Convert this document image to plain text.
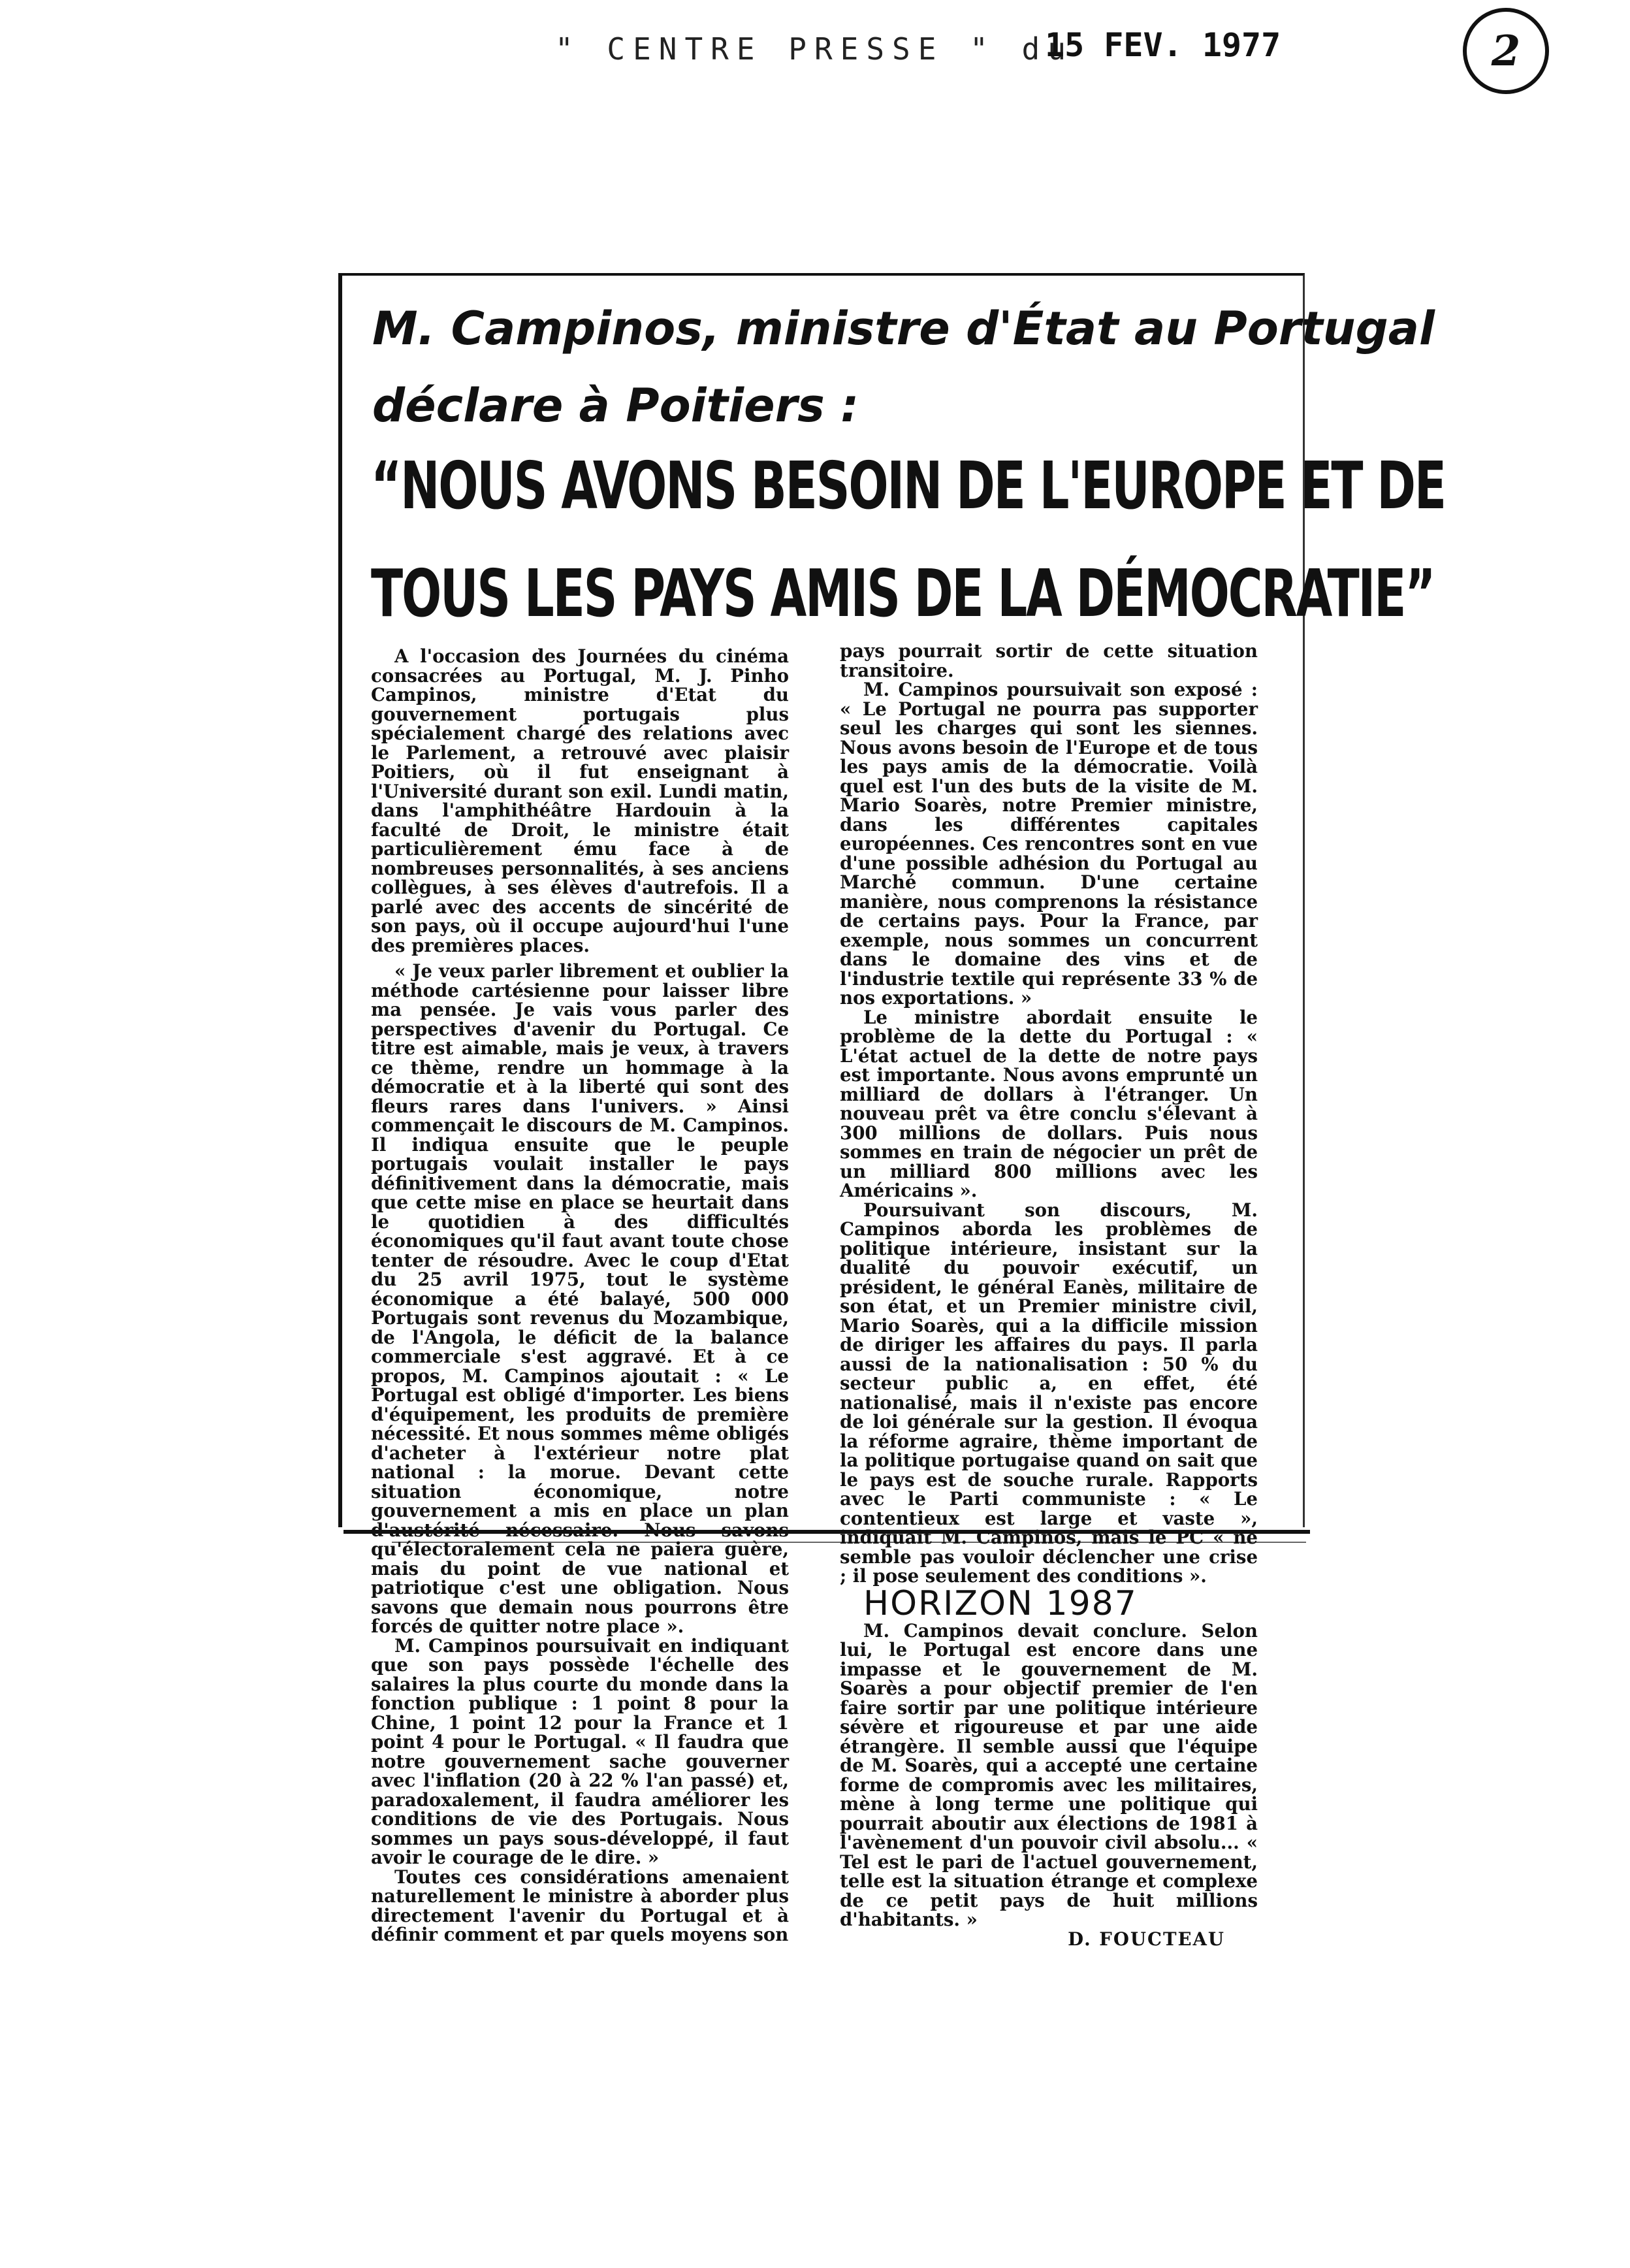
" CENTRE PRESSE " du
15 FEV. 1977	2
M. Campinos, ministre d'État au Portugal
déclare à Poitiers :
“NOUS AVONS BESOIN DE L'EUROPE ET DE
TOUS LES PAYS AMIS DE LA DÉMOCRATIE”

A l'occasion des Journées du cinéma consacrées au Portugal, M. J. Pinho Campinos, ministre d'Etat du gouvernement portugais plus spécialement chargé des relations avec le Parlement, a retrouvé avec plaisir Poitiers, où il fut enseignant à l'Université durant son exil. Lundi matin, dans l'amphithéâtre Hardouin à la faculté de Droit, le ministre était particulièrement ému face à de nombreuses personnalités, à ses anciens collègues, à ses élèves d'autrefois. Il a parlé avec des accents de sincérité de son pays, où il occupe aujourd'hui l'une des premières places.

« Je veux parler librement et oublier la méthode cartésienne pour laisser libre ma pensée. Je vais vous parler des perspectives d'avenir du Portugal. Ce titre est aimable, mais je veux, à travers ce thème, rendre un hommage à la démocratie et à la liberté qui sont des fleurs rares dans l'univers. » Ainsi commençait le discours de M. Campinos. Il indiqua ensuite que le peuple portugais voulait installer le pays définitivement dans la démocratie, mais que cette mise en place se heurtait dans le quotidien à des difficultés économiques qu'il faut avant toute chose tenter de résoudre. Avec le coup d'Etat du 25 avril 1975, tout le système économique a été balayé, 500 000 Portugais sont revenus du Mozambique, de l'Angola, le déficit de la balance commerciale s'est aggravé. Et à ce propos, M. Campinos ajoutait : « Le Portugal est obligé d'importer. Les biens d'équipement, les produits de première nécessité. Et nous sommes même obligés d'acheter à l'extérieur notre plat national : la morue. Devant cette situation économique, notre gouvernement a mis en place un plan d'austérité nécessaire. Nous savons qu'électoralement cela ne paiera guère, mais du point de vue national et patriotique c'est une obligation. Nous savons que demain nous pourrons être forcés de quitter notre place ».

M. Campinos poursuivait en indiquant que son pays possède l'échelle des salaires la plus courte du monde dans la fonction publique : 1 point 8 pour la Chine, 1 point 12 pour la France et 1 point 4 pour le Portugal. « Il faudra que notre gouvernement sache gouverner avec l'inflation (20 à 22 % l'an passé) et, paradoxalement, il faudra améliorer les conditions de vie des Portugais. Nous sommes un pays sous-développé, il faut avoir le courage de le dire. »

Toutes ces considérations amenaient naturellement le ministre à aborder plus directement l'avenir du Portugal et à définir comment et par quels moyens son

pays pourrait sortir de cette situation transitoire.

M. Campinos poursuivait son exposé : « Le Portugal ne pourra pas supporter seul les charges qui sont les siennes. Nous avons besoin de l'Europe et de tous les pays amis de la démocratie. Voilà quel est l'un des buts de la visite de M. Mario Soarès, notre Premier ministre, dans les différentes capitales européennes. Ces rencontres sont en vue d'une possible adhésion du Portugal au Marché commun. D'une certaine manière, nous comprenons la résistance de certains pays. Pour la France, par exemple, nous sommes un concurrent dans le domaine des vins et de l'industrie textile qui représente 33 % de nos exportations. »

Le ministre abordait ensuite le problème de la dette du Portugal : « L'état actuel de la dette de notre pays est importante. Nous avons emprunté un milliard de dollars à l'étranger. Un nouveau prêt va être conclu s'élevant à 300 millions de dollars. Puis nous sommes en train de négocier un prêt de un milliard 800 millions avec les Américains ».

Poursuivant son discours, M. Campinos aborda les problèmes de politique intérieure, insistant sur la dualité du pouvoir exécutif, un président, le général Eanès, militaire de son état, et un Premier ministre civil, Mario Soarès, qui a la difficile mission de diriger les affaires du pays. Il parla aussi de la nationalisation : 50 % du secteur public a, en effet, été nationalisé, mais il n'existe pas encore de loi générale sur la gestion. Il évoqua la réforme agraire, thème important de la politique portugaise quand on sait que le pays est de souche rurale. Rapports avec le Parti communiste : « Le contentieux est large et vaste », indiquait M. Campinos, mais le PC « ne semble pas vouloir déclencher une crise ; il pose seulement des conditions ».

HORIZON 1987

M. Campinos devait conclure. Selon lui, le Portugal est encore dans une impasse et le gouvernement de M. Soarès a pour objectif premier de l'en faire sortir par une politique intérieure sévère et rigoureuse et par une aide étrangère. Il semble aussi que l'équipe de M. Soarès, qui a accepté une certaine forme de compromis avec les militaires, mène à long terme une politique qui pourrait aboutir aux élections de 1981 à l'avènement d'un pouvoir civil absolu... « Tel est le pari de l'actuel gouvernement, telle est la situation étrange et complexe de ce petit pays de huit millions d'habitants. »

D. FOUCTEAU
